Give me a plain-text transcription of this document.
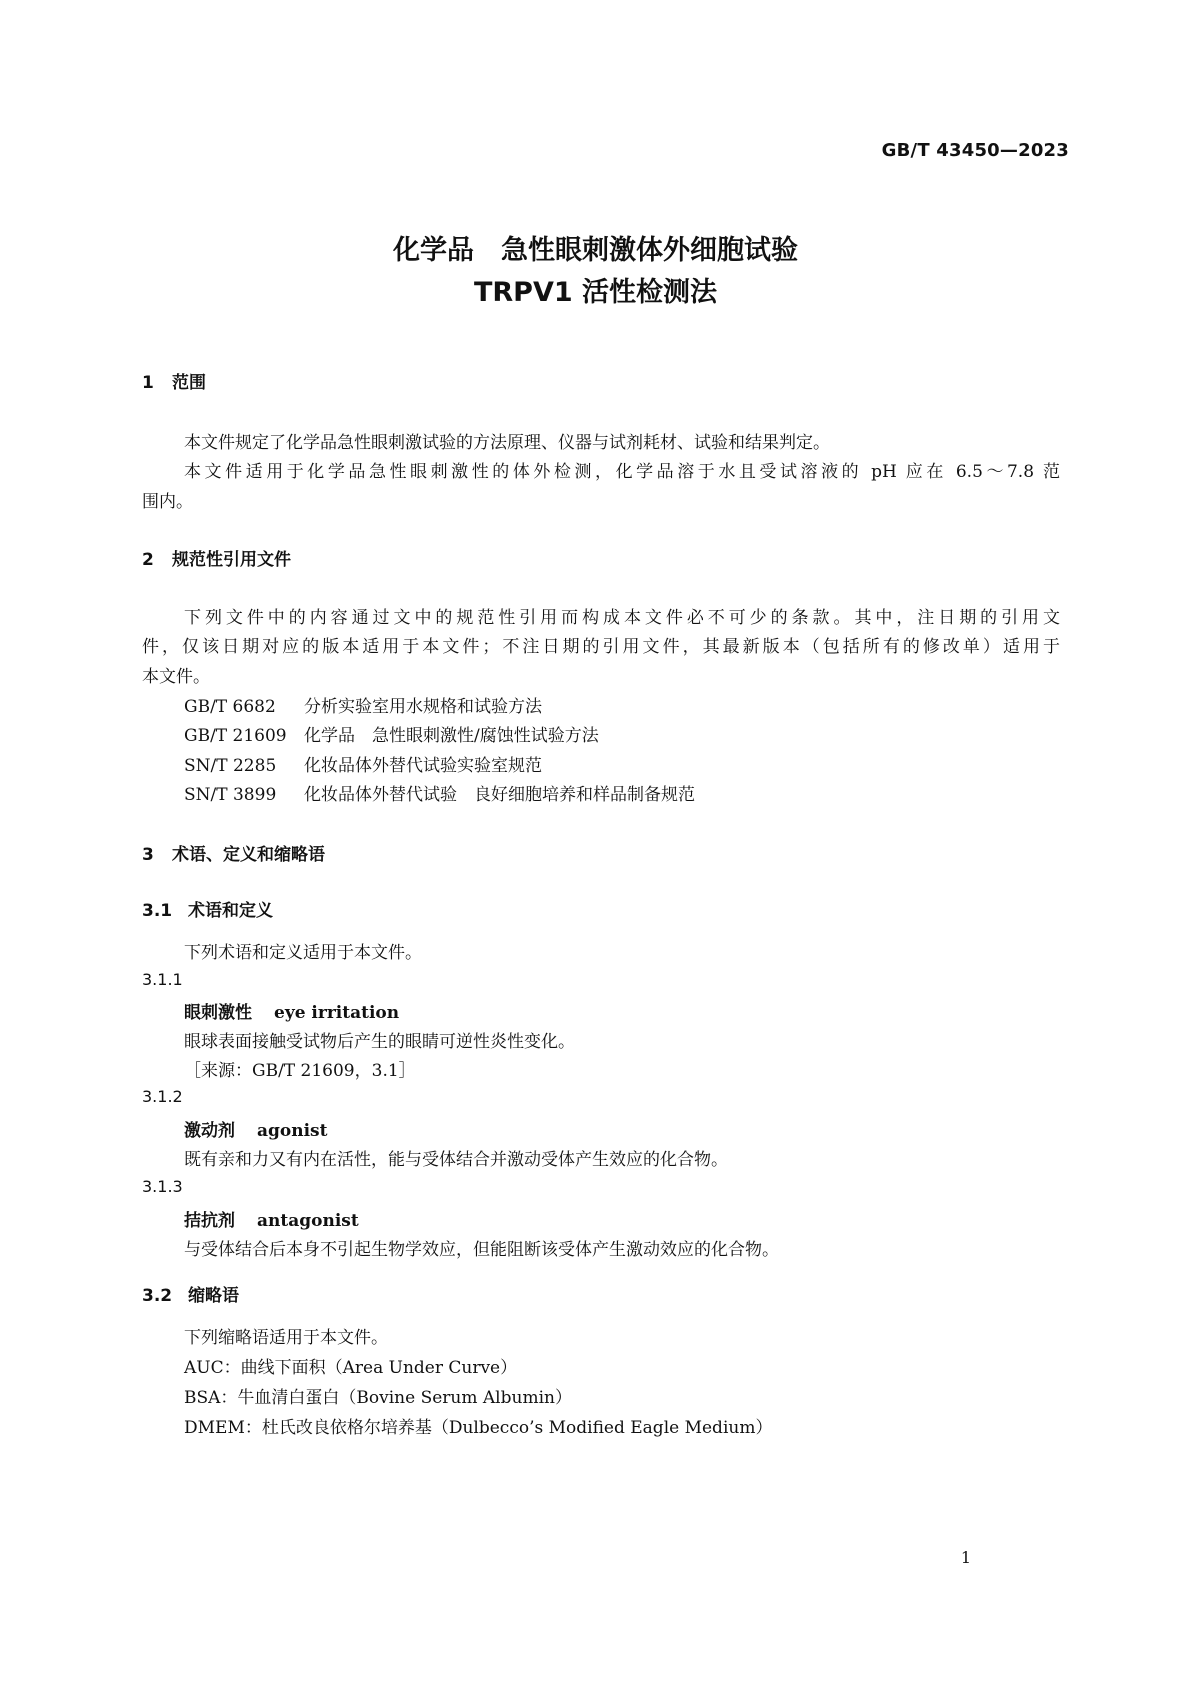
GB/T 43450—2023
化学品　急性眼刺激体外细胞试验
TRPV1 活性检测法
1 范围
本文件规定了化学品急性眼刺激试验的方法原理、仪器与试剂耗材、试验和结果判定。
本文件适用于化学品急性眼刺激性的体外检测，化学品溶于水且受试溶液的 pH 应在 6.5～7.8 范
围内。
2 规范性引用文件
下列文件中的内容通过文中的规范性引用而构成本文件必不可少的条款。其中，注日期的引用文
件，仅该日期对应的版本适用于本文件；不注日期的引用文件，其最新版本（包括所有的修改单）适用于
本文件。
GB/T 6682 分析实验室用水规格和试验方法
GB/T 21609 化学品　急性眼刺激性/腐蚀性试验方法
SN/T 2285 化妆品体外替代试验实验室规范
SN/T 3899 化妆品体外替代试验　良好细胞培养和样品制备规范
3 术语、定义和缩略语
3.1 术语和定义
下列术语和定义适用于本文件。
3.1.1
眼刺激性 eye irritation
眼球表面接触受试物后产生的眼睛可逆性炎性变化。
［来源：GB/T 21609，3.1］
3.1.2
激动剂 agonist
既有亲和力又有内在活性，能与受体结合并激动受体产生效应的化合物。
3.1.3
拮抗剂 antagonist
与受体结合后本身不引起生物学效应，但能阻断该受体产生激动效应的化合物。
3.2 缩略语
下列缩略语适用于本文件。
AUC：曲线下面积（Area Under Curve）
BSA：牛血清白蛋白（Bovine Serum Albumin）
DMEM：杜氏改良依格尔培养基（Dulbecco’s Modified Eagle Medium）
1
